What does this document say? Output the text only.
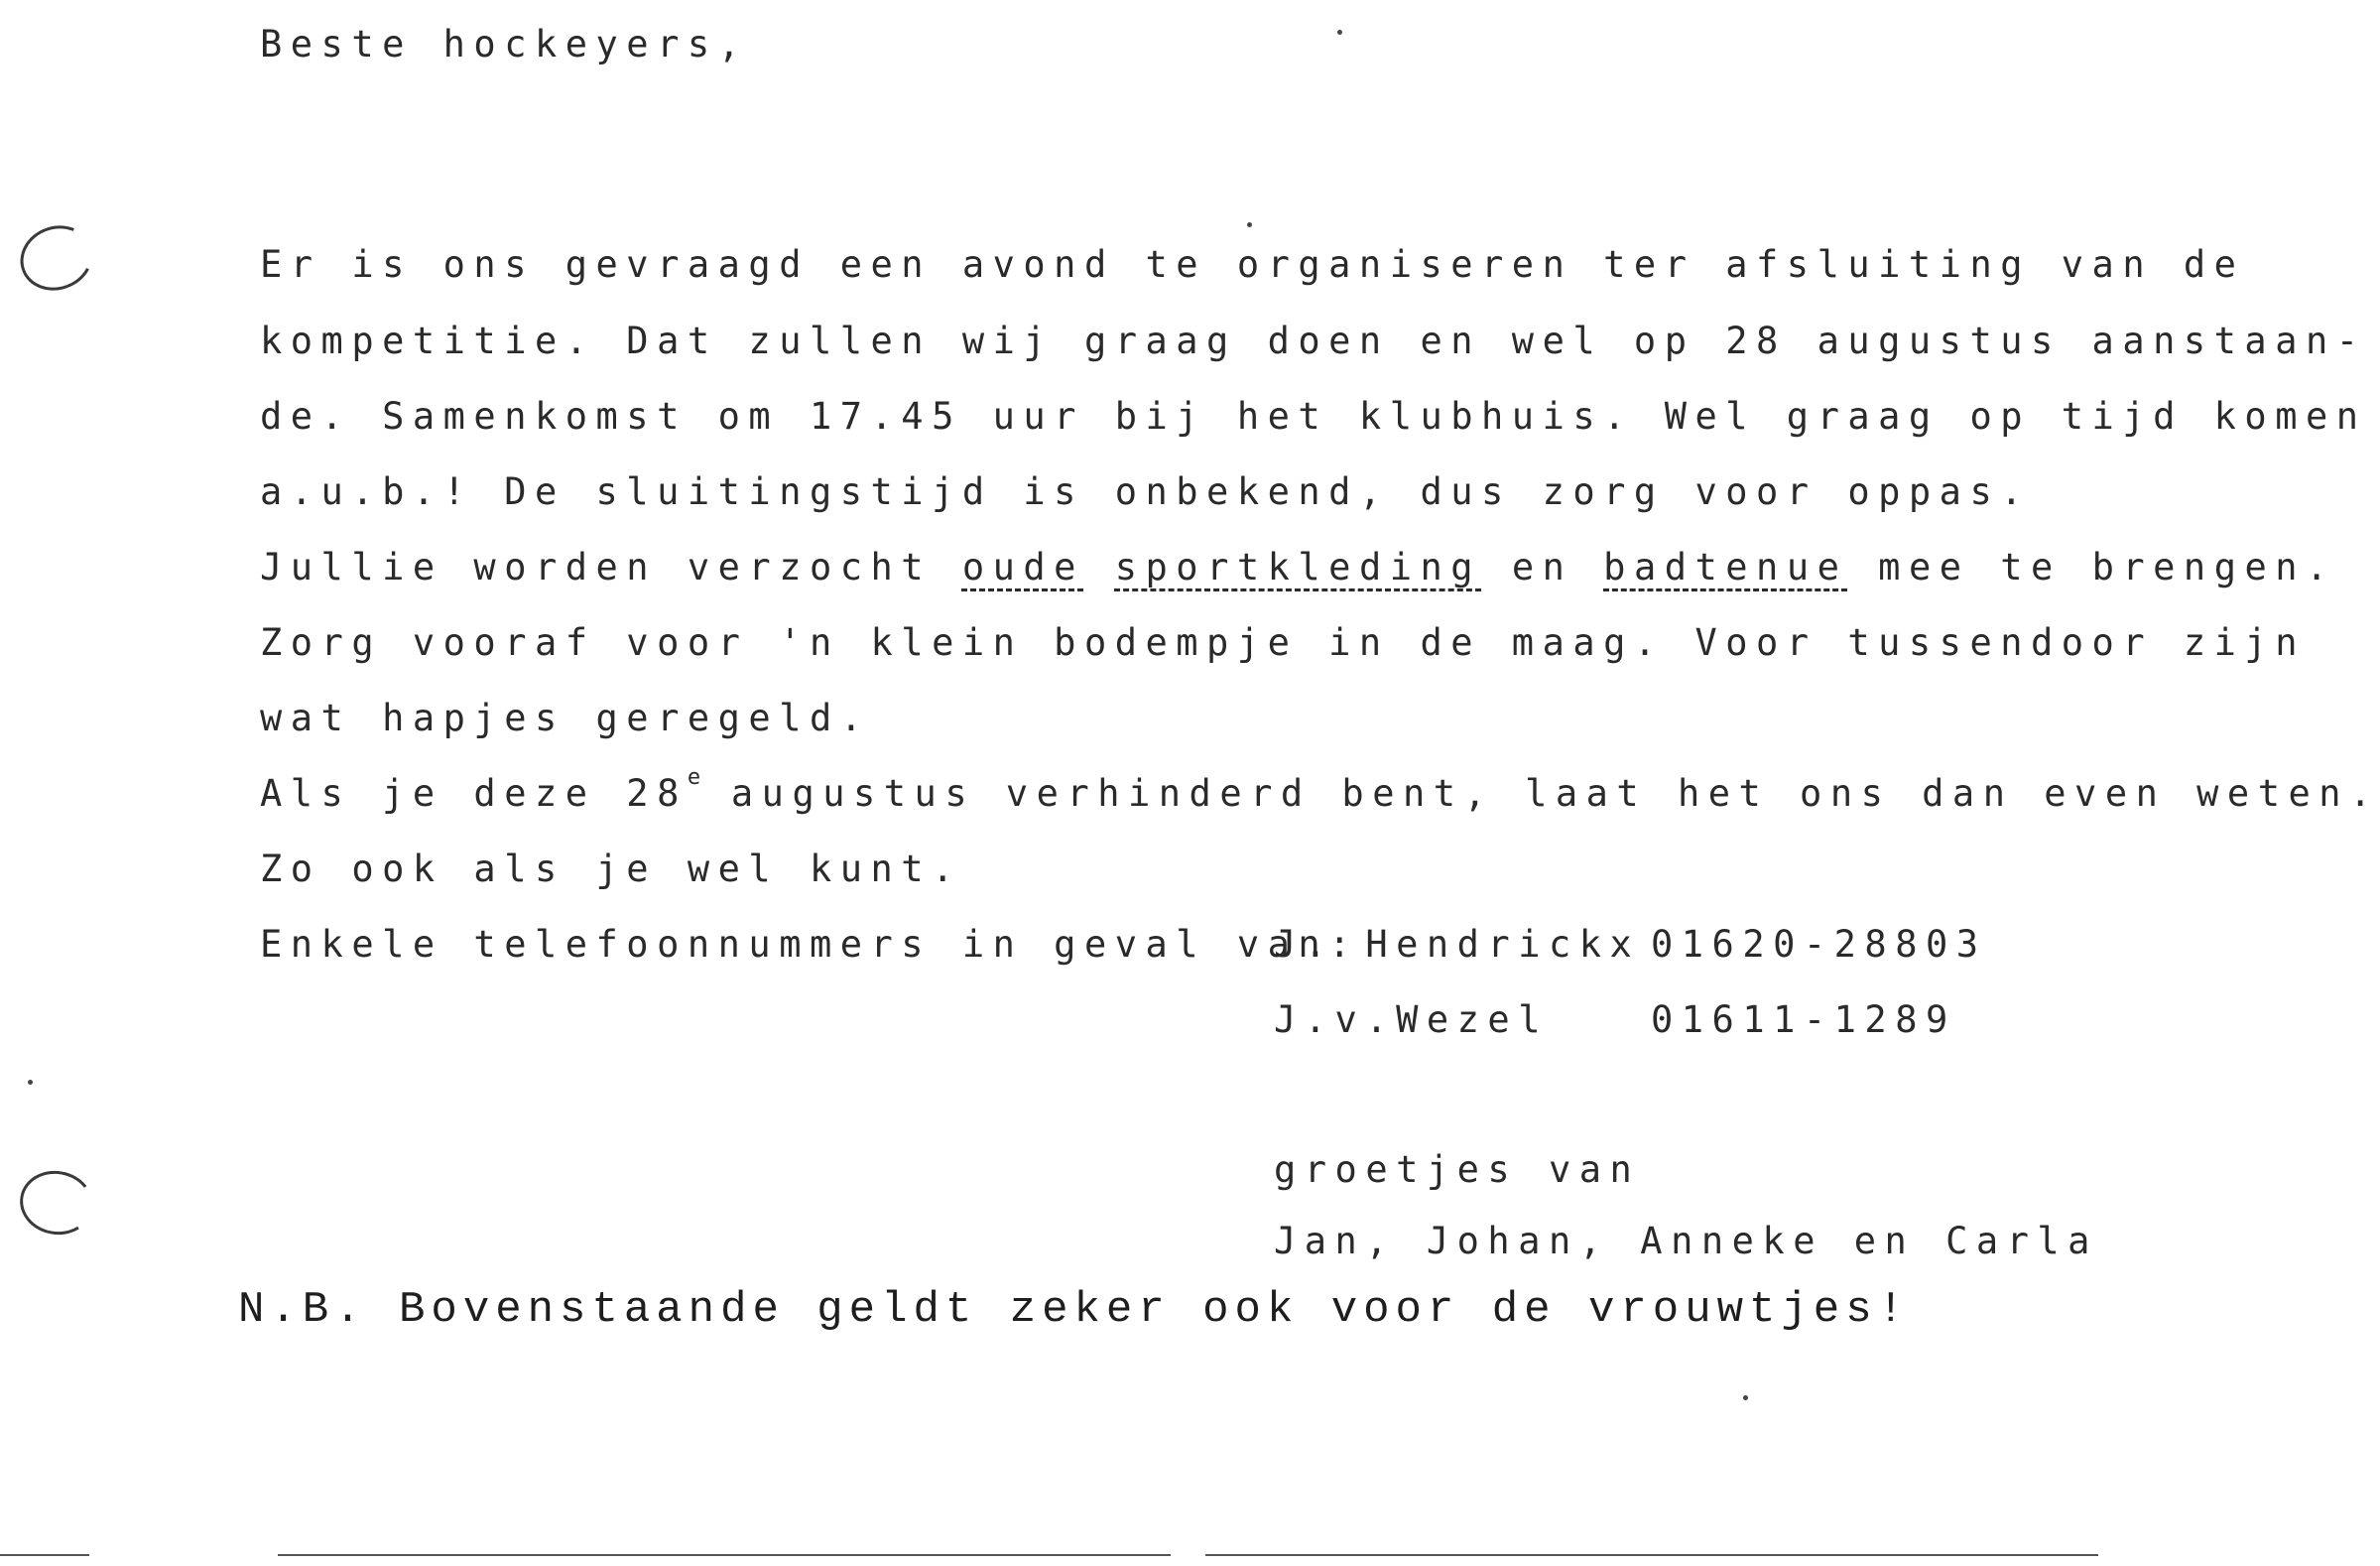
Beste hockeyers,
Er is ons gevraagd een avond te organiseren ter afsluiting van de
kompetitie. Dat zullen wij graag doen en wel op 28 augustus aanstaan-
de. Samenkomst om 17.45 uur bij het klubhuis. Wel graag op tijd komen
a.u.b.! De sluitingstijd is onbekend, dus zorg voor oppas.
Jullie worden verzocht oude sportkleding en badtenue mee te brengen.
Zorg vooraf voor 'n klein bodempje in de maag. Voor tussendoor zijn
wat hapjes geregeld.
Als je deze 28e augustus verhinderd bent, laat het ons dan even weten.
Zo ook als je wel kunt.
Enkele telefoonnummers in geval van:
J. Hendrickx 01620-28803
J.v.Wezel	01611-1289
groetjes van
Jan, Johan, Anneke en Carla
N.B. Bovenstaande geldt zeker ook voor de vrouwtjes!
